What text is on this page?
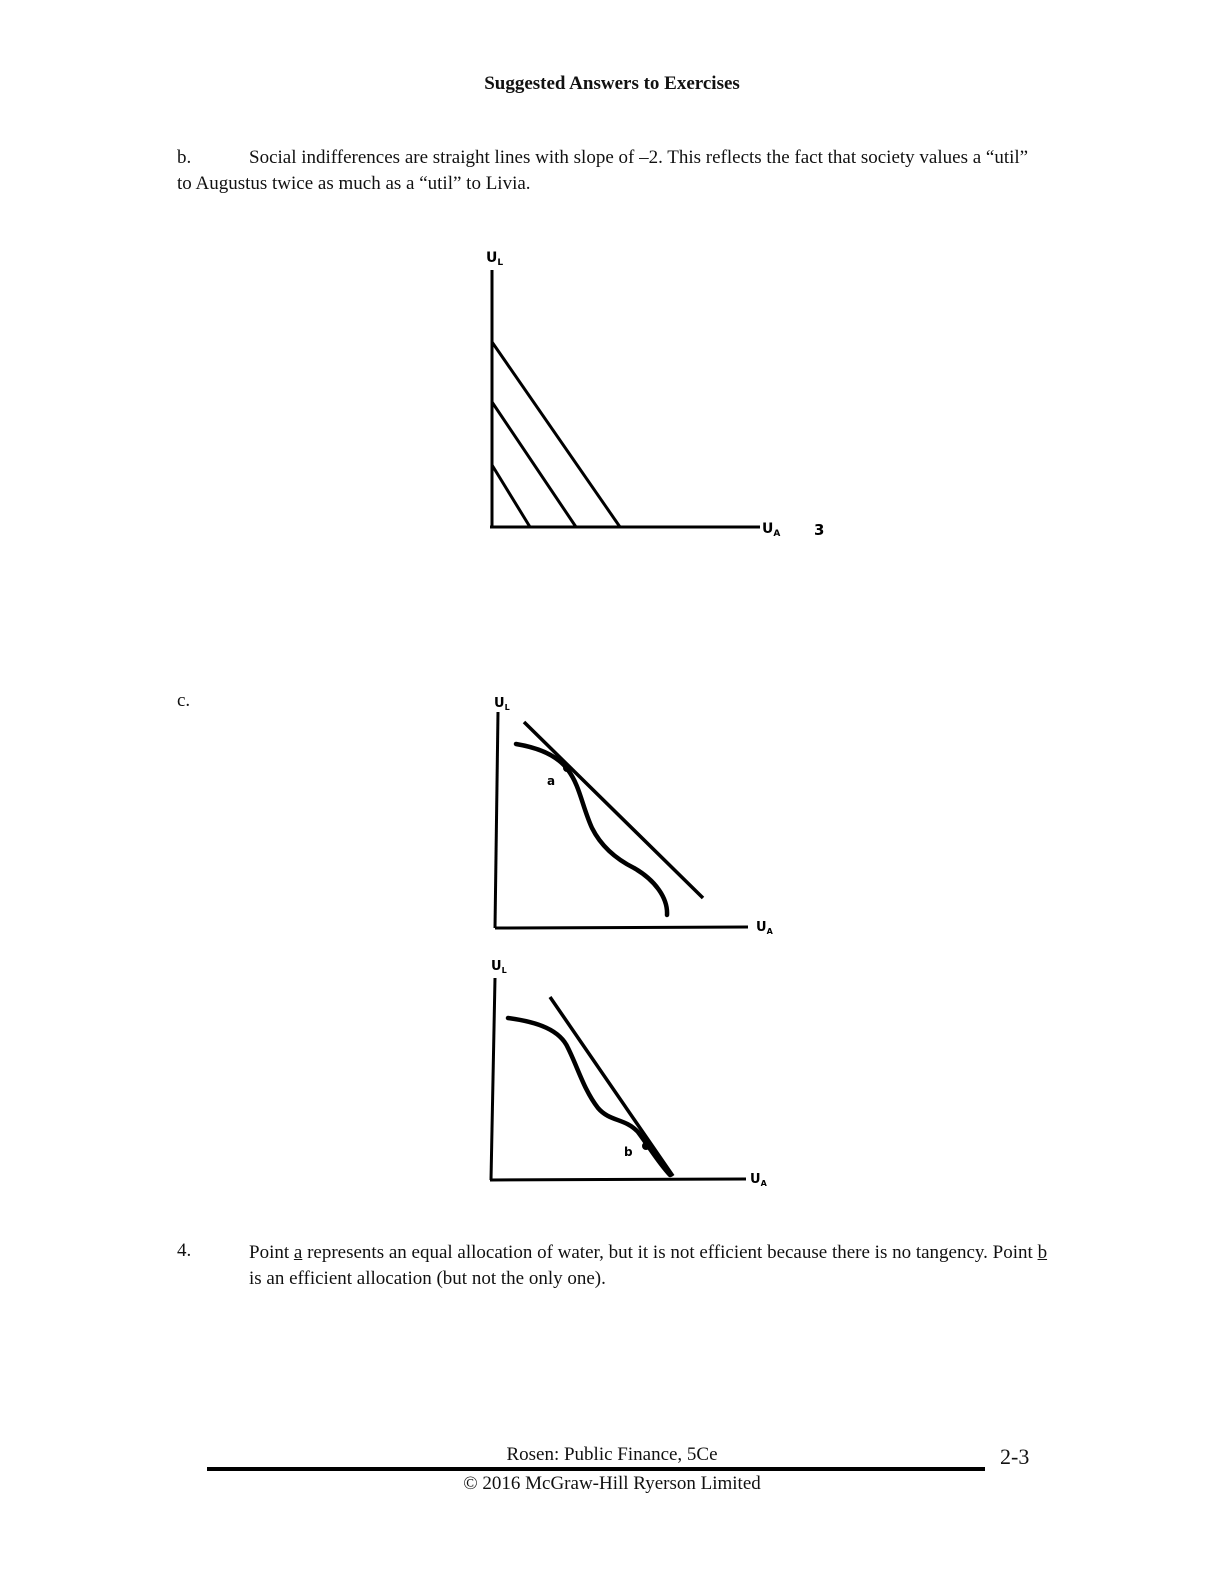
Suggested Answers to Exercises
b.	Social indifferences are straight lines with slope of –2. This reflects the fact that society values a “util” to Augustus twice as much as a “util” to Livia.
$U_L$
$U_A$ 3
c.
a
$U_L$
$U_A$
b
$U_L$
$U_A$
4.	Point a represents an equal allocation of water, but it is not efficient because there is no tangency. Point b is an efficient allocation (but not the only one).
Rosen: Public Finance, 5Ce	2-3
© 2016 McGraw-Hill Ryerson Limited
